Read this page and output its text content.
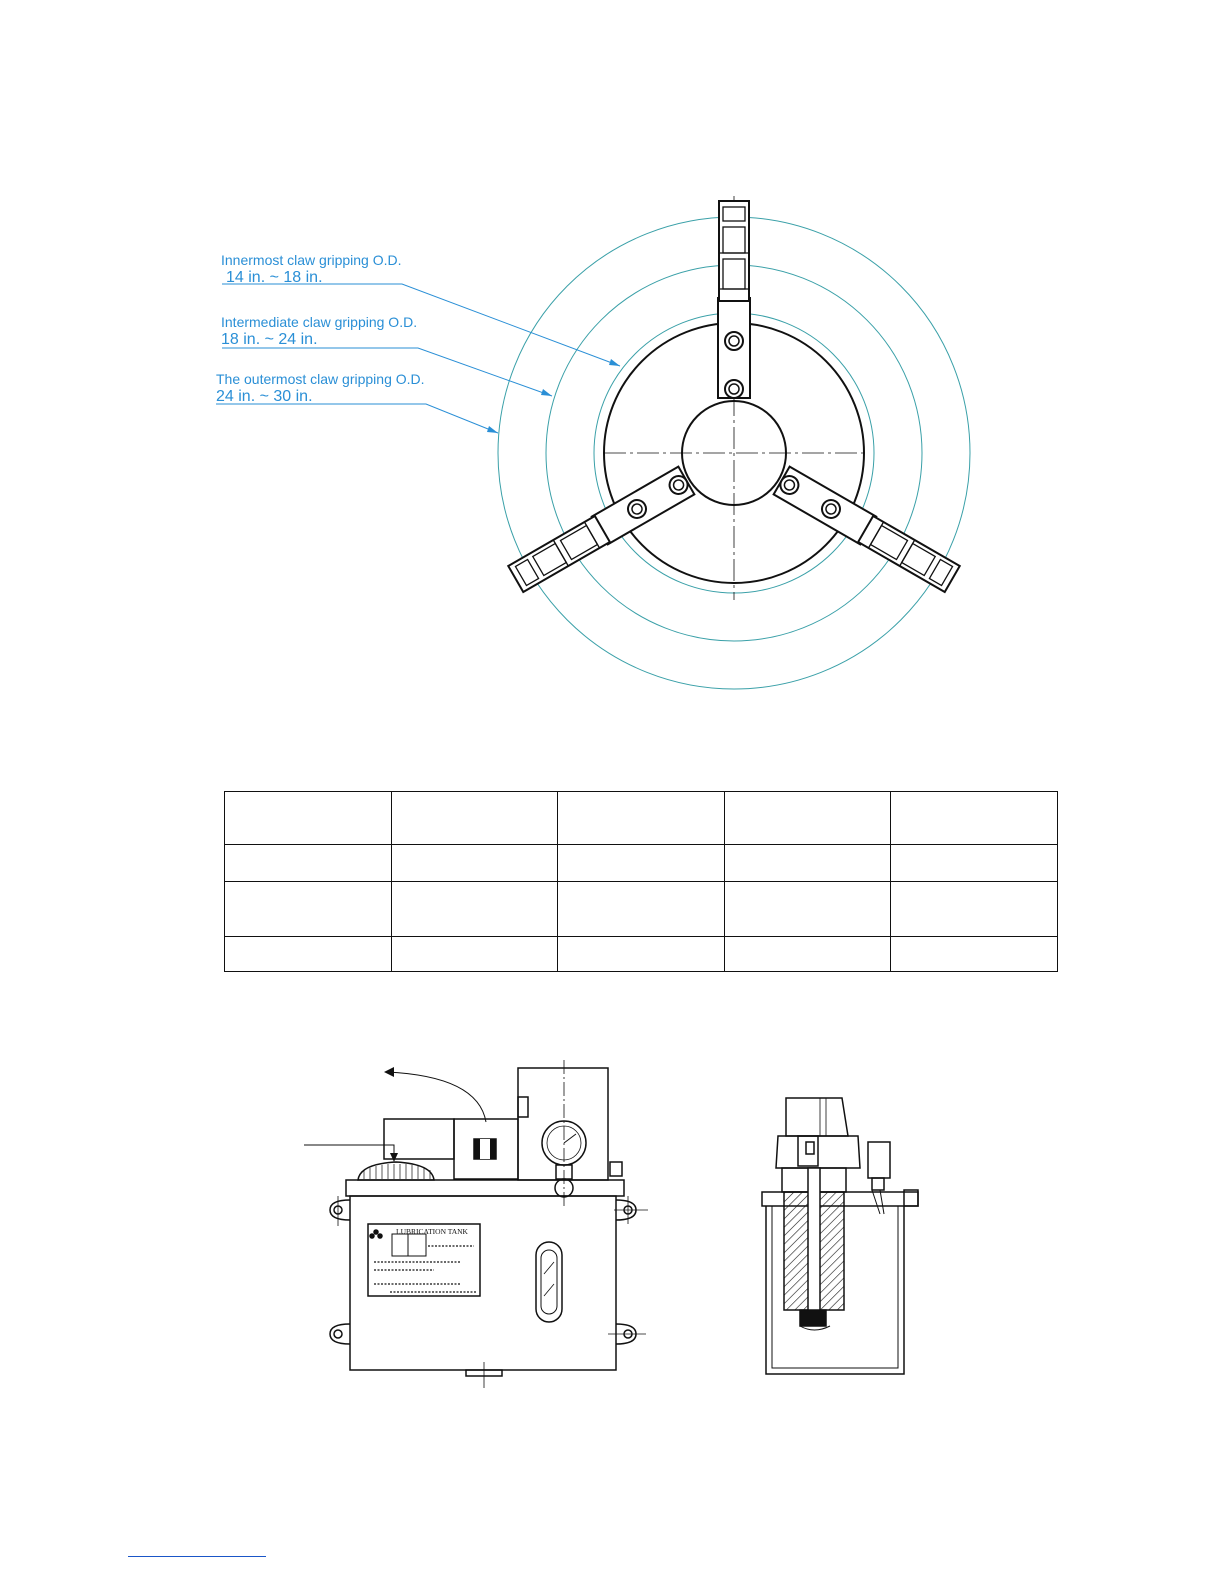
Innermost claw gripping O.D.
14 in. ~ 18 in.
Intermediate claw gripping O.D.
18 in. ~ 24 in.
The outermost claw gripping O.D.
24 in. ~ 30 in.

LUBRICATION TANK
